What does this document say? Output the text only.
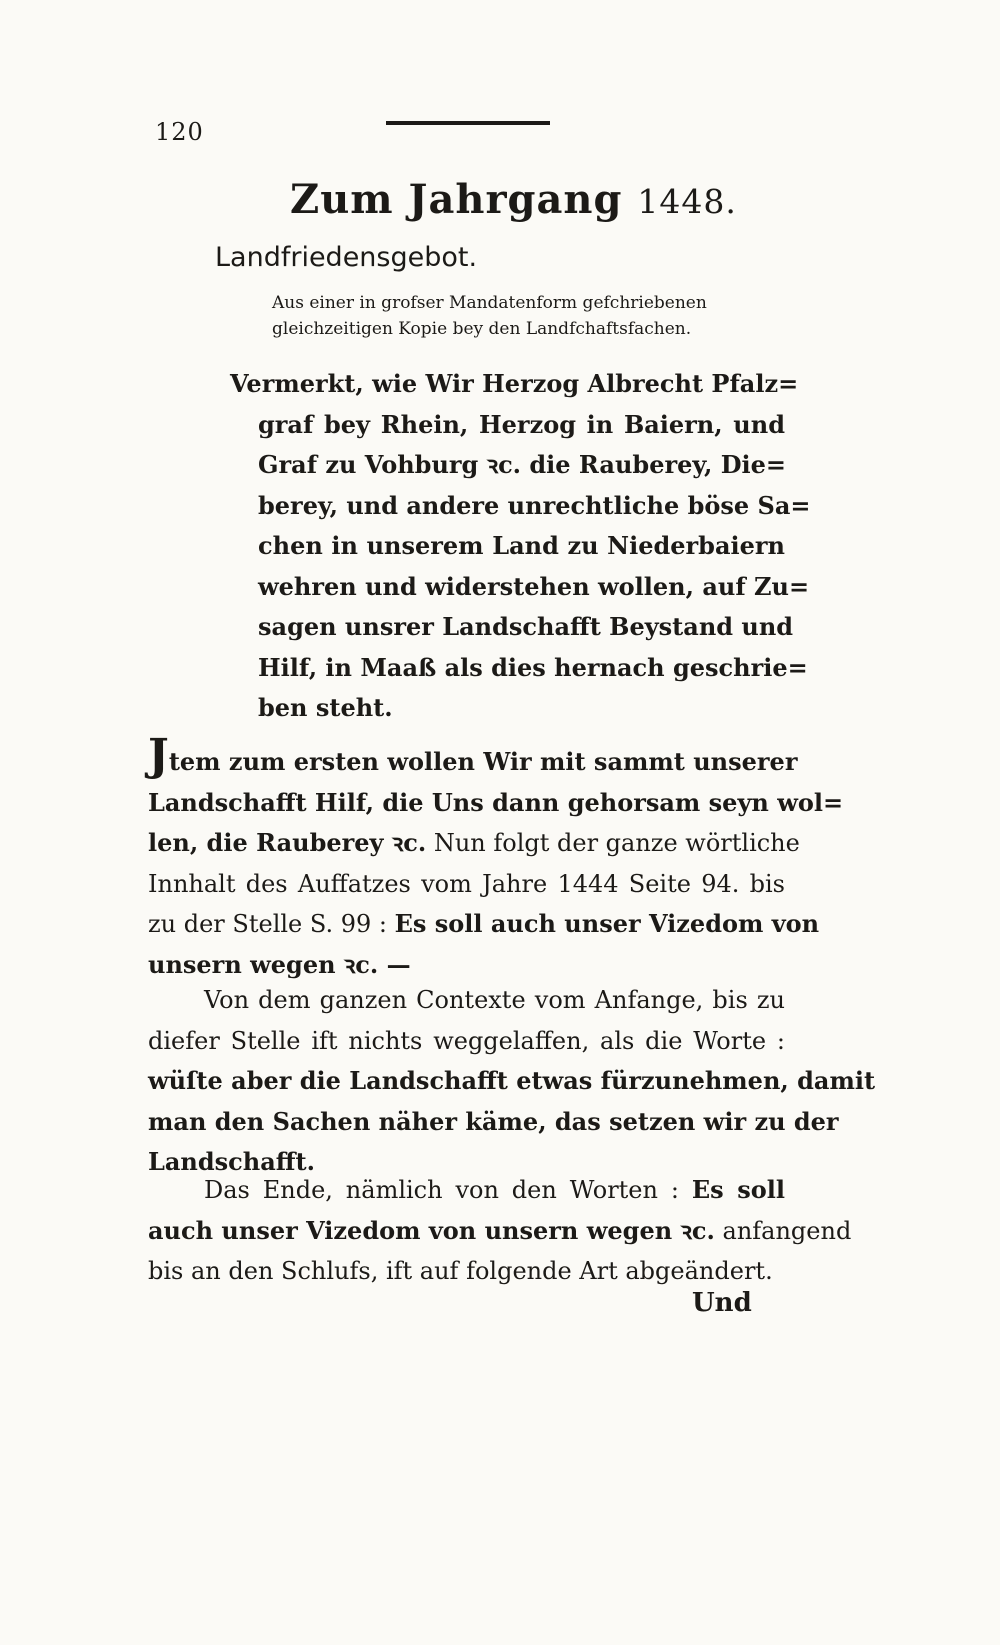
120
Zum Jahrgang 1448.
Landfriedensgebot.
Aus einer in grofser Mandatenform gefchriebenen
gleichzeitigen Kopie bey den Landfchaftsfachen.
Vermerkt, wie Wir Herzog Albrecht Pfalz=
graf bey Rhein, Herzog in Baiern, und
Graf zu Vohburg ꝛc. die Rauberey, Die=
berey, und andere unrechtliche böse Sa=
chen in unserem Land zu Niederbaiern
wehren und widerstehen wollen, auf Zu=
sagen unsrer Landschafft Beystand und
Hilf, in Maaß als dies hernach geschrie=
ben steht.
Jtem zum ersten wollen Wir mit sammt unserer
Landschafft Hilf, die Uns dann gehorsam seyn wol=
len, die Rauberey ꝛc. Nun folgt der ganze wörtliche
Innhalt des Auffatzes vom Jahre 1444 Seite 94. bis
zu der Stelle S. 99 : Es soll auch unser Vizedom von
unsern wegen ꝛc. —
Von dem ganzen Contexte vom Anfange, bis zu
diefer Stelle ift nichts weggelaffen, als die Worte :
wüſte aber die Landschafft etwas fürzunehmen, damit
man den Sachen näher käme, das setzen wir zu der
Landschafft.
Das Ende, nämlich von den Worten : Es soll
auch unser Vizedom von unsern wegen ꝛc. anfangend
bis an den Schlufs, ift auf folgende Art abgeändert.
Und
